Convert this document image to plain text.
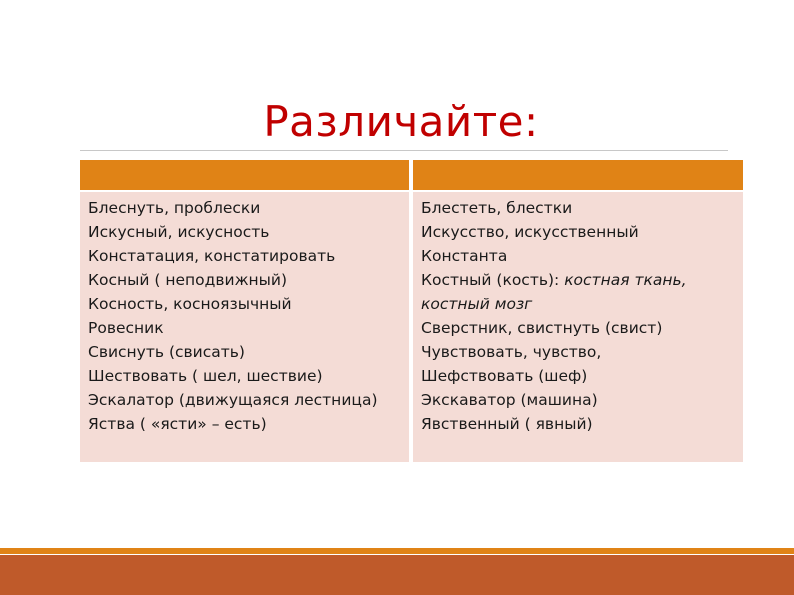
Различайте:

Блеснуть, проблески

Искусный, искусность

Констатация, констатировать

Косный ( неподвижный)

Косность, косноязычный

Ровесник

Свиснуть (свисать)

Шествовать ( шел, шествие)

Эскалатор (движущаяся лестница)

Яства ( «ясти» – есть)

Блестеть, блестки

Искусство, искусственный

Константа

Костный (кость): костная ткань,

костный мозг

Сверстник, свистнуть (свист)

Чувствовать, чувство,

Шефствовать (шеф)

Экскаватор (машина)

Явственный ( явный)
